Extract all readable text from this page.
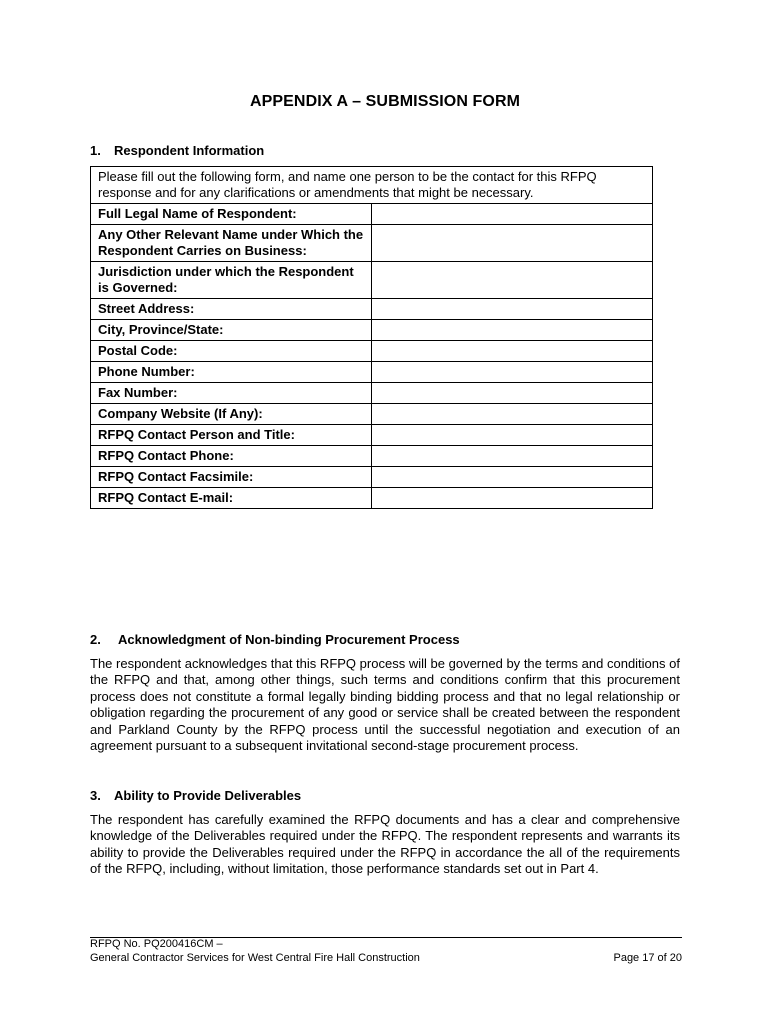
APPENDIX A – SUBMISSION FORM
1. Respondent Information
Please fill out the following form, and name one person to be the contact for this RFPQ response and for any clarifications or amendments that might be necessary.	
Full Legal Name of Respondent:	

Any Other Relevant Name under Which the Respondent Carries on Business:	

Jurisdiction under which the Respondent is Governed:	

Street Address:	

City, Province/State:	

Postal Code:	

Phone Number:	

Fax Number:	

Company Website (If Any):	

RFPQ Contact Person and Title:	

RFPQ Contact Phone:	

RFPQ Contact Facsimile:	

RFPQ Contact E-mail:	
2. Acknowledgment of Non-binding Procurement Process
The respondent acknowledges that this RFPQ process will be governed by the terms and conditions of the RFPQ and that, among other things, such terms and conditions confirm that this procurement process does not constitute a formal legally binding bidding process and that no legal relationship or obligation regarding the procurement of any good or service shall be created between the respondent and Parkland County by the RFPQ process until the successful negotiation and execution of an agreement pursuant to a subsequent invitational second-stage procurement process.
3. Ability to Provide Deliverables
The respondent has carefully examined the RFPQ documents and has a clear and comprehensive knowledge of the Deliverables required under the RFPQ. The respondent represents and warrants its ability to provide the Deliverables required under the RFPQ in accordance the all of the requirements of the RFPQ, including, without limitation, those performance standards set out in Part 4.
RFPQ No. PQ200416CM –
General Contractor Services for West Central Fire Hall Construction	Page 17 of 20
